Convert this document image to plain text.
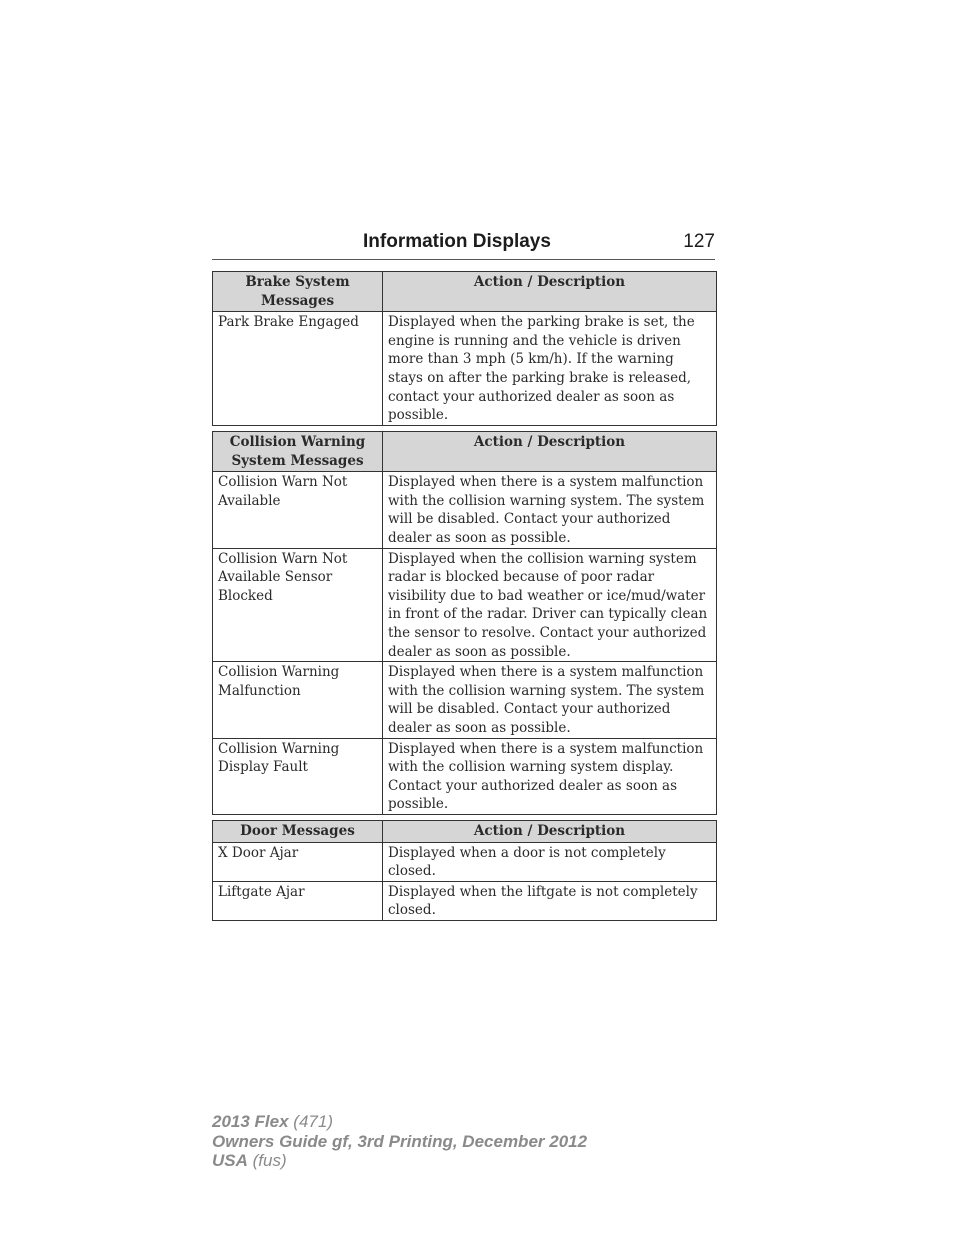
Information Displays	127
Brake System Messages	Action / Description
Park Brake Engaged	Displayed when the parking brake is set, the engine is running and the vehicle is driven more than 3 mph (5 km/h). If the warning stays on after the parking brake is released, contact your authorized dealer as soon as possible.
Collision Warning System Messages	Action / Description
Collision Warn Not Available	Displayed when there is a system malfunction with the collision warning system. The system will be disabled. Contact your authorized dealer as soon as possible.
Collision Warn Not Available Sensor Blocked	Displayed when the collision warning system radar is blocked because of poor radar visibility due to bad weather or ice/mud/water in front of the radar. Driver can typically clean the sensor to resolve. Contact your authorized dealer as soon as possible.
Collision Warning Malfunction	Displayed when there is a system malfunction with the collision warning system. The system will be disabled. Contact your authorized dealer as soon as possible.
Collision Warning Display Fault	Displayed when there is a system malfunction with the collision warning system display. Contact your authorized dealer as soon as possible.
Door Messages	Action / Description
X Door Ajar	Displayed when a door is not completely closed.
Liftgate Ajar	Displayed when the liftgate is not completely closed.
2013 Flex (471)
Owners Guide gf, 3rd Printing, December 2012
USA (fus)
